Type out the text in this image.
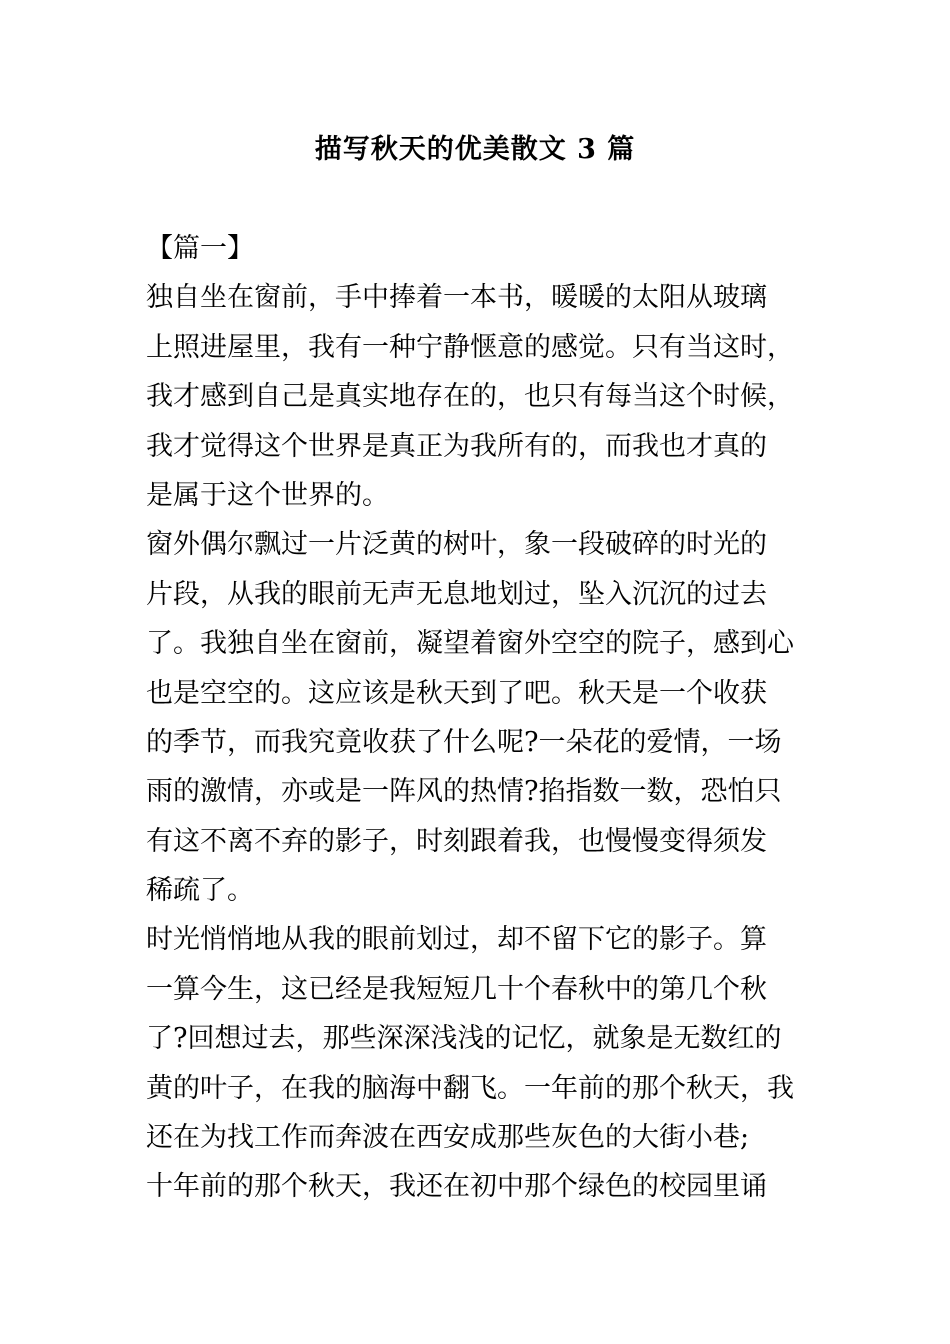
描写秋天的优美散文 3 篇
【篇一】
独自坐在窗前，手中捧着一本书，暖暖的太阳从玻璃
上照进屋里，我有一种宁静惬意的感觉。只有当这时，
我才感到自己是真实地存在的，也只有每当这个时候，
我才觉得这个世界是真正为我所有的，而我也才真的
是属于这个世界的。
窗外偶尔飘过一片泛黄的树叶，象一段破碎的时光的
片段，从我的眼前无声无息地划过，坠入沉沉的过去
了。我独自坐在窗前，凝望着窗外空空的院子，感到心
也是空空的。这应该是秋天到了吧。秋天是一个收获
的季节，而我究竟收获了什么呢?一朵花的爱情，一场
雨的激情，亦或是一阵风的热情?掐指数一数，恐怕只
有这不离不弃的影子，时刻跟着我，也慢慢变得须发
稀疏了。
时光悄悄地从我的眼前划过，却不留下它的影子。算
一算今生，这已经是我短短几十个春秋中的第几个秋
了?回想过去，那些深深浅浅的记忆，就象是无数红的
黄的叶子，在我的脑海中翻飞。一年前的那个秋天，我
还在为找工作而奔波在西安成那些灰色的大街小巷;
十年前的那个秋天，我还在初中那个绿色的校园里诵
